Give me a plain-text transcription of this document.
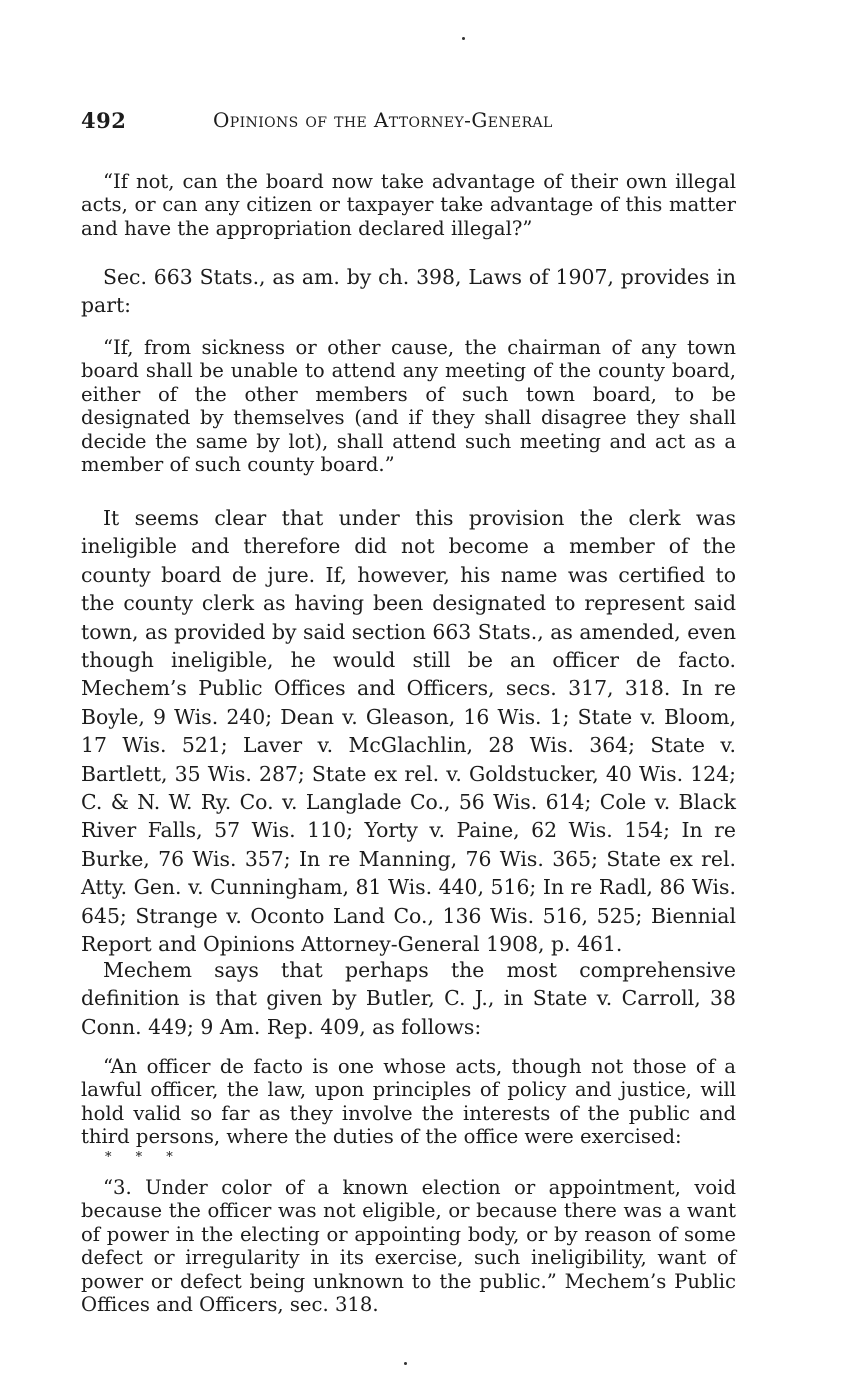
492	Opinions of the Attorney-General

“If not, can the board now take advantage of their own illegal acts, or can any citizen or taxpayer take advantage of this matter and have the appropriation declared illegal?”

Sec. 663 Stats., as am. by ch. 398, Laws of 1907, provides in part:

“If, from sickness or other cause, the chairman of any town board shall be unable to attend any meeting of the county board, either of the other members of such town board, to be designated by themselves (and if they shall disagree they shall decide the same by lot), shall attend such meeting and act as a member of such county board.”

It seems clear that under this provision the clerk was ineligible and therefore did not become a member of the county board de jure. If, however, his name was certified to the county clerk as having been designated to represent said town, as provided by said section 663 Stats., as amended, even though ineligible, he would still be an officer de facto. Mechem’s Public Offices and Officers, secs. 317, 318. In re Boyle, 9 Wis. 240; Dean v. Gleason, 16 Wis. 1; State v. Bloom, 17 Wis. 521; Laver v. McGlachlin, 28 Wis. 364; State v. Bartlett, 35 Wis. 287; State ex rel. v. Goldstucker, 40 Wis. 124; C. & N. W. Ry. Co. v. Langlade Co., 56 Wis. 614; Cole v. Black River Falls, 57 Wis. 110; Yorty v. Paine, 62 Wis. 154; In re Burke, 76 Wis. 357; In re Manning, 76 Wis. 365; State ex rel. Atty. Gen. v. Cunningham, 81 Wis. 440, 516; In re Radl, 86 Wis. 645; Strange v. Oconto Land Co., 136 Wis. 516, 525; Biennial Report and Opinions Attorney-General 1908, p. 461.

Mechem says that perhaps the most comprehensive definition is that given by Butler, C. J., in State v. Carroll, 38 Conn. 449; 9 Am. Rep. 409, as follows:

“An officer de facto is one whose acts, though not those of a lawful officer, the law, upon principles of policy and justice, will hold valid so far as they involve the interests of the public and third persons, where the duties of the office were exercised:

* * *

“3. Under color of a known election or appointment, void because the officer was not eligible, or because there was a want of power in the electing or appointing body, or by reason of some defect or irregularity in its exercise, such ineligibility, want of power or defect being unknown to the public.” Mechem’s Public Offices and Officers, sec. 318.
